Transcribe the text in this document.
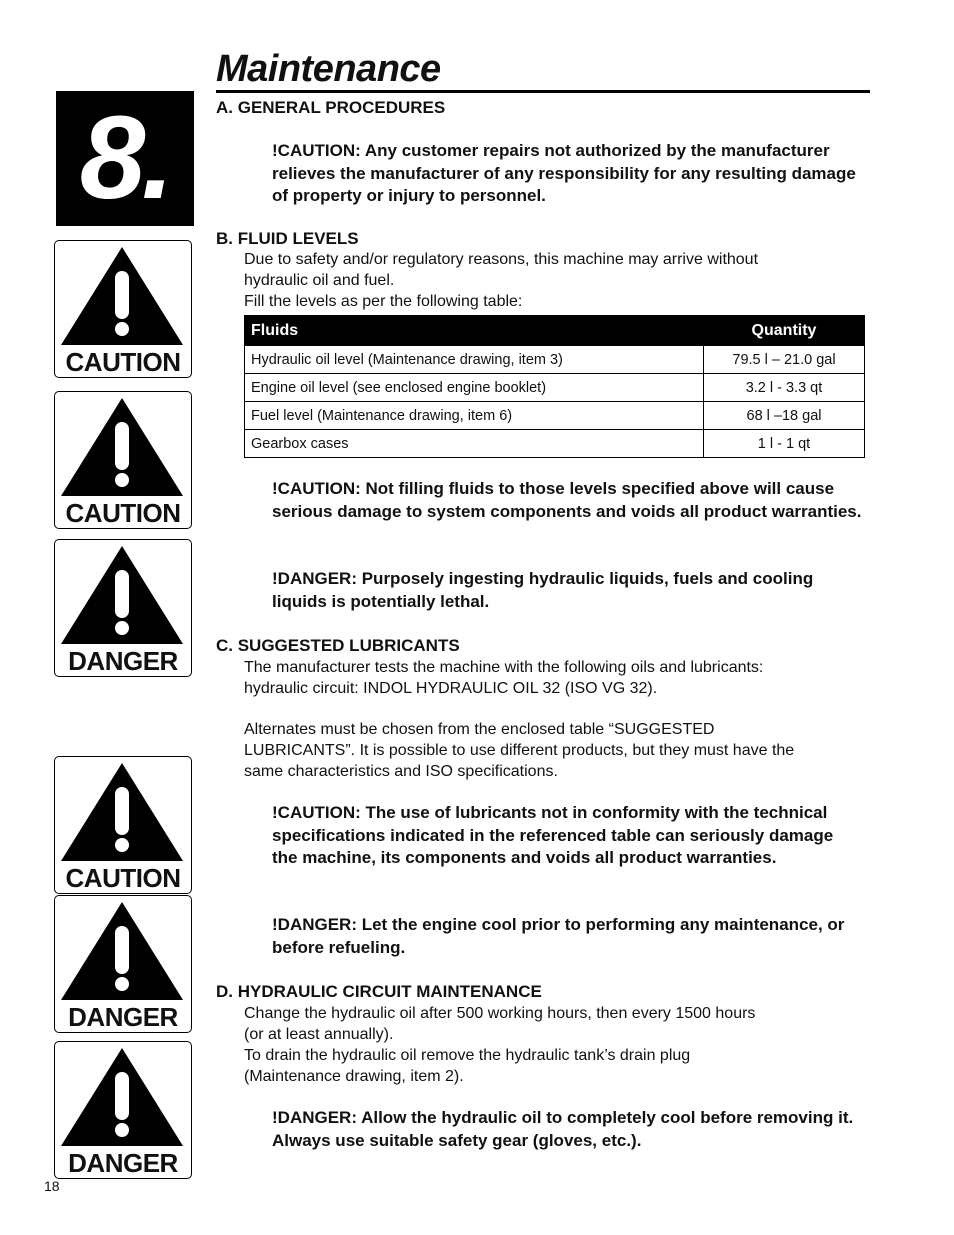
Maintenance
8.
CAUTION
CAUTION
DANGER
CAUTION
DANGER
DANGER
A. GENERAL PROCEDURES
!CAUTION: Any customer repairs not authorized by the manufacturer relieves the manufacturer of any responsibility for any resulting damage of property or injury to personnel.
B. FLUID LEVELS
Due to safety and/or regulatory reasons, this machine may arrive without
hydraulic oil and fuel.
Fill the levels as per the following table:
Fluids	Quantity
Hydraulic oil level (Maintenance drawing, item 3)	79.5 l – 21.0 gal
Engine oil level (see enclosed engine booklet)	3.2 l - 3.3 qt
Fuel level (Maintenance drawing, item 6)	68 l –18 gal
Gearbox cases	1 l - 1 qt
!CAUTION: Not filling fluids to those levels specified above will cause serious damage to system components and voids all product warranties.
!DANGER: Purposely ingesting hydraulic liquids, fuels and cooling liquids is potentially lethal.
C. SUGGESTED LUBRICANTS
The manufacturer tests the machine with the following oils and lubricants:
hydraulic circuit: INDOL HYDRAULIC OIL 32 (ISO VG 32).
Alternates must be chosen from the enclosed table “SUGGESTED
LUBRICANTS”. It is possible to use different products, but they must have the
same characteristics and ISO specifications.
!CAUTION: The use of lubricants not in conformity with the technical specifications indicated in the referenced table can seriously damage the machine, its components and voids all product warranties.
!DANGER: Let the engine cool prior to performing any maintenance, or before refueling.
D. HYDRAULIC CIRCUIT MAINTENANCE
Change the hydraulic oil after 500 working hours, then every 1500 hours
(or at least annually).
To drain the hydraulic oil remove the hydraulic tank’s drain plug
(Maintenance drawing, item 2).
!DANGER: Allow the hydraulic oil to completely cool before removing it. Always use suitable safety gear (gloves, etc.).
18
